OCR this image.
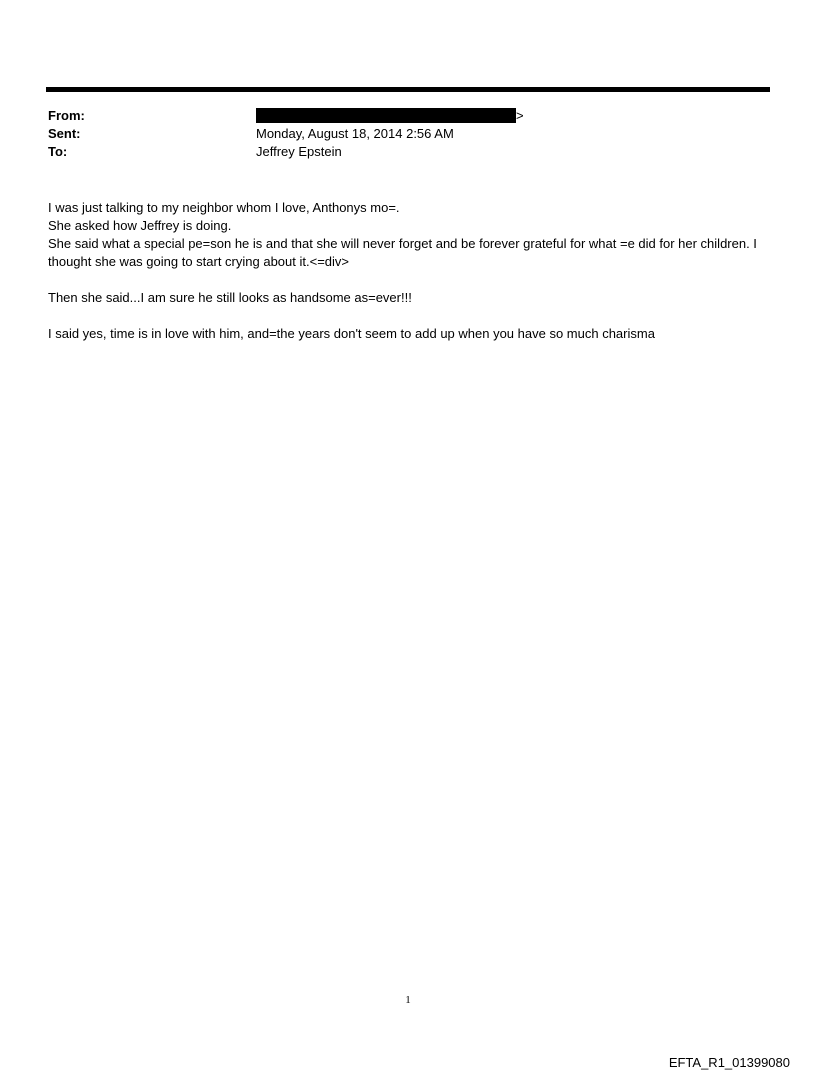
From:	>
Sent:	Monday, August 18, 2014 2:56 AM
To:	Jeffrey Epstein

I was just talking to my neighbor whom I love, Anthonys mo=.

She asked how Jeffrey is doing.

She said what a special pe=son he is and that she will never forget and be forever grateful for what =e did for her children. I thought she was going to start crying about it.<=div>

Then she said...I am sure he still looks as handsome as=ever!!!

I said yes, time is in love with him, and=the years don't seem to add up when you have so much charisma

1
EFTA_R1_01399080
